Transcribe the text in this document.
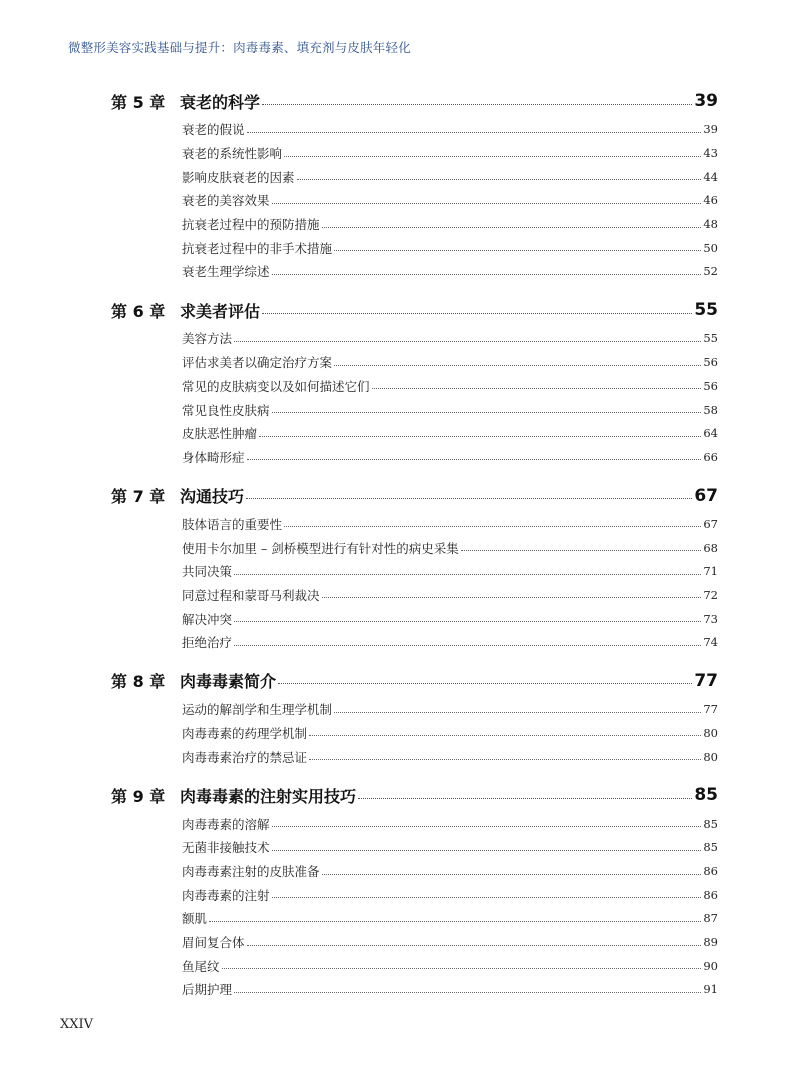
微整形美容实践基础与提升：肉毒毒素、填充剂与皮肤年轻化
第 5 章 衰老的科学	39
衰老的假说	39
衰老的系统性影响	43
影响皮肤衰老的因素	44
衰老的美容效果	46
抗衰老过程中的预防措施	48
抗衰老过程中的非手术措施	50
衰老生理学综述	52
第 6 章 求美者评估	55
美容方法	55
评估求美者以确定治疗方案	56
常见的皮肤病变以及如何描述它们	56
常见良性皮肤病	58
皮肤恶性肿瘤	64
身体畸形症	66
第 7 章 沟通技巧	67
肢体语言的重要性	67
使用卡尔加里 – 剑桥模型进行有针对性的病史采集	68
共同决策	71
同意过程和蒙哥马利裁决	72
解决冲突	73
拒绝治疗	74
第 8 章 肉毒毒素简介	77
运动的解剖学和生理学机制	77
肉毒毒素的药理学机制	80
肉毒毒素治疗的禁忌证	80
第 9 章 肉毒毒素的注射实用技巧	85
肉毒毒素的溶解	85
无菌非接触技术	85
肉毒毒素注射的皮肤准备	86
肉毒毒素的注射	86
额肌	87
眉间复合体	89
鱼尾纹	90
后期护理	91
XXIV
